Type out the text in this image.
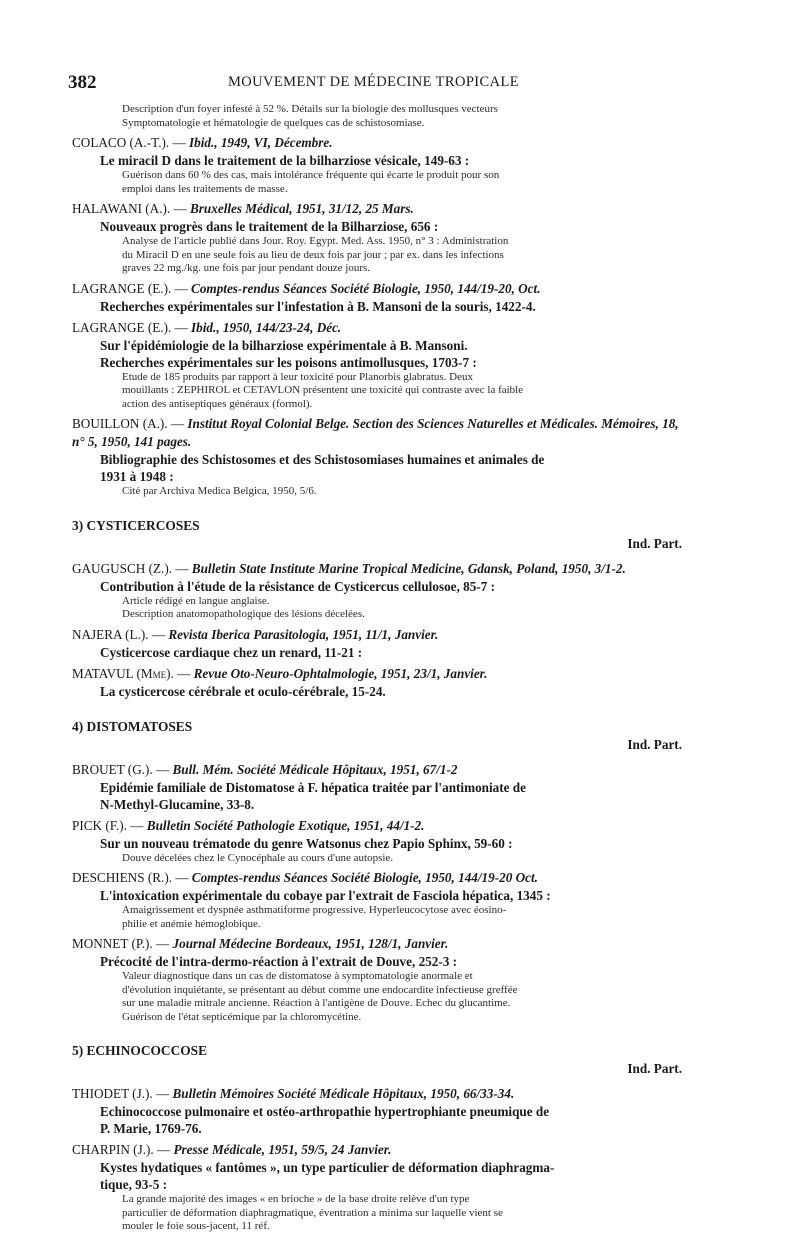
382	MOUVEMENT DE MÉDECINE TROPICALE
Description d'un foyer infesté à 52 %. Détails sur la biologie des mollusques vecteurs
Symptomatologie et hématologie de quelques cas de schistosomiase.
COLACO (A.-T.). — Ibid., 1949, VI, Décembre.
Le miracil D dans le traitement de la bilharziose vésicale, 149-63 :
Guérison dans 60 % des cas, mais intolérance fréquente qui écarte le produit pour son
emploi dans les traitements de masse.
HALAWANI (A.). — Bruxelles Médical, 1951, 31/12, 25 Mars.
Nouveaux progrès dans le traitement de la Bilharziose, 656 :
Analyse de l'article publié dans Jour. Roy. Egypt. Med. Ass. 1950, n° 3 : Administration
du Miracil D en une seule fois au lieu de deux fois par jour ; par ex. dans les infections
graves 22 mg./kg. une fois par jour pendant douze jours.
LAGRANGE (E.). — Comptes-rendus Séances Société Biologie, 1950, 144/19-20, Oct.
Recherches expérimentales sur l'infestation à B. Mansoni de la souris, 1422-4.
LAGRANGE (E.). — Ibid., 1950, 144/23-24, Déc.
Sur l'épidémiologie de la bilharziose expérimentale à B. Mansoni.
Recherches expérimentales sur les poisons antimollusques, 1703-7 :
Etude de 185 produits par rapport à leur toxicité pour Planorbis glabratus. Deux
mouillants : ZEPHIROL et CETAVLON présentent une toxicité qui contraste avec la faible
action des antiseptiques généraux (formol).
BOUILLON (A.). — Institut Royal Colonial Belge. Section des Sciences Naturelles et Médicales. Mémoires, 18, n° 5, 1950, 141 pages.
Bibliographie des Schistosomes et des Schistosomiases humaines et animales de
1931 à 1948 :
Cité par Archiva Medica Belgica, 1950, 5/6.
3) CYSTICERCOSES
Ind. Part.
GAUGUSCH (Z.). — Bulletin State Institute Marine Tropical Medicine, Gdansk, Poland, 1950, 3/1-2.
Contribution à l'étude de la résistance de Cysticercus cellulosoe, 85-7 :
Article rédigé en langue anglaise.
Description anatomopathologique des lésions décelées.
NAJERA (L.). — Revista Iberica Parasitologia, 1951, 11/1, Janvier.
Cysticercose cardiaque chez un renard, 11-21 :
MATAVUL (Mme). — Revue Oto-Neuro-Ophtalmologie, 1951, 23/1, Janvier.
La cysticercose cérébrale et oculo-cérébrale, 15-24.
4) DISTOMATOSES
Ind. Part.
BROUET (G.). — Bull. Mém. Société Médicale Hôpitaux, 1951, 67/1-2
Epidémie familiale de Distomatose à F. hépatica traitée par l'antimoniate de
N-Methyl-Glucamine, 33-8.
PICK (F.). — Bulletin Société Pathologie Exotique, 1951, 44/1-2.
Sur un nouveau trématode du genre Watsonus chez Papio Sphinx, 59-60 :
Douve décelées chez le Cynocéphale au cours d'une autopsie.
DESCHIENS (R.). — Comptes-rendus Séances Société Biologie, 1950, 144/19-20 Oct.
L'intoxication expérimentale du cobaye par l'extrait de Fasciola hépatica, 1345 :
Amaigrissement et dyspnée asthmatiforme progressive. Hyperleucocytose avec éosino-
philie et anémie hémoglobique.
MONNET (P.). — Journal Médecine Bordeaux, 1951, 128/1, Janvier.
Précocité de l'intra-dermo-réaction à l'extrait de Douve, 252-3 :
Valeur diagnostique dans un cas de distomatose à symptomatologie anormale et
d'évolution inquiétante, se présentant au début comme une endocardite infectieuse greffée
sur une maladie mitrale ancienne. Réaction à l'antigène de Douve. Echec du glucantime.
Guérison de l'état septicémique par la chloromycétine.
5) ECHINOCOCCOSE
Ind. Part.
THIODET (J.). — Bulletin Mémoires Société Médicale Hôpitaux, 1950, 66/33-34.
Echinococcose pulmonaire et ostéo-arthropathie hypertrophiante pneumique de
P. Marie, 1769-76.
CHARPIN (J.). — Presse Médicale, 1951, 59/5, 24 Janvier.
Kystes hydatiques « fantômes », un type particulier de déformation diaphragma-
tique, 93-5 :
La grande majorité des images « en brioche » de la base droite relève d'un type
particulier de déformation diaphragmatique, éventration a minima sur laquelle vient se
mouler le foie sous-jacent, 11 réf.
